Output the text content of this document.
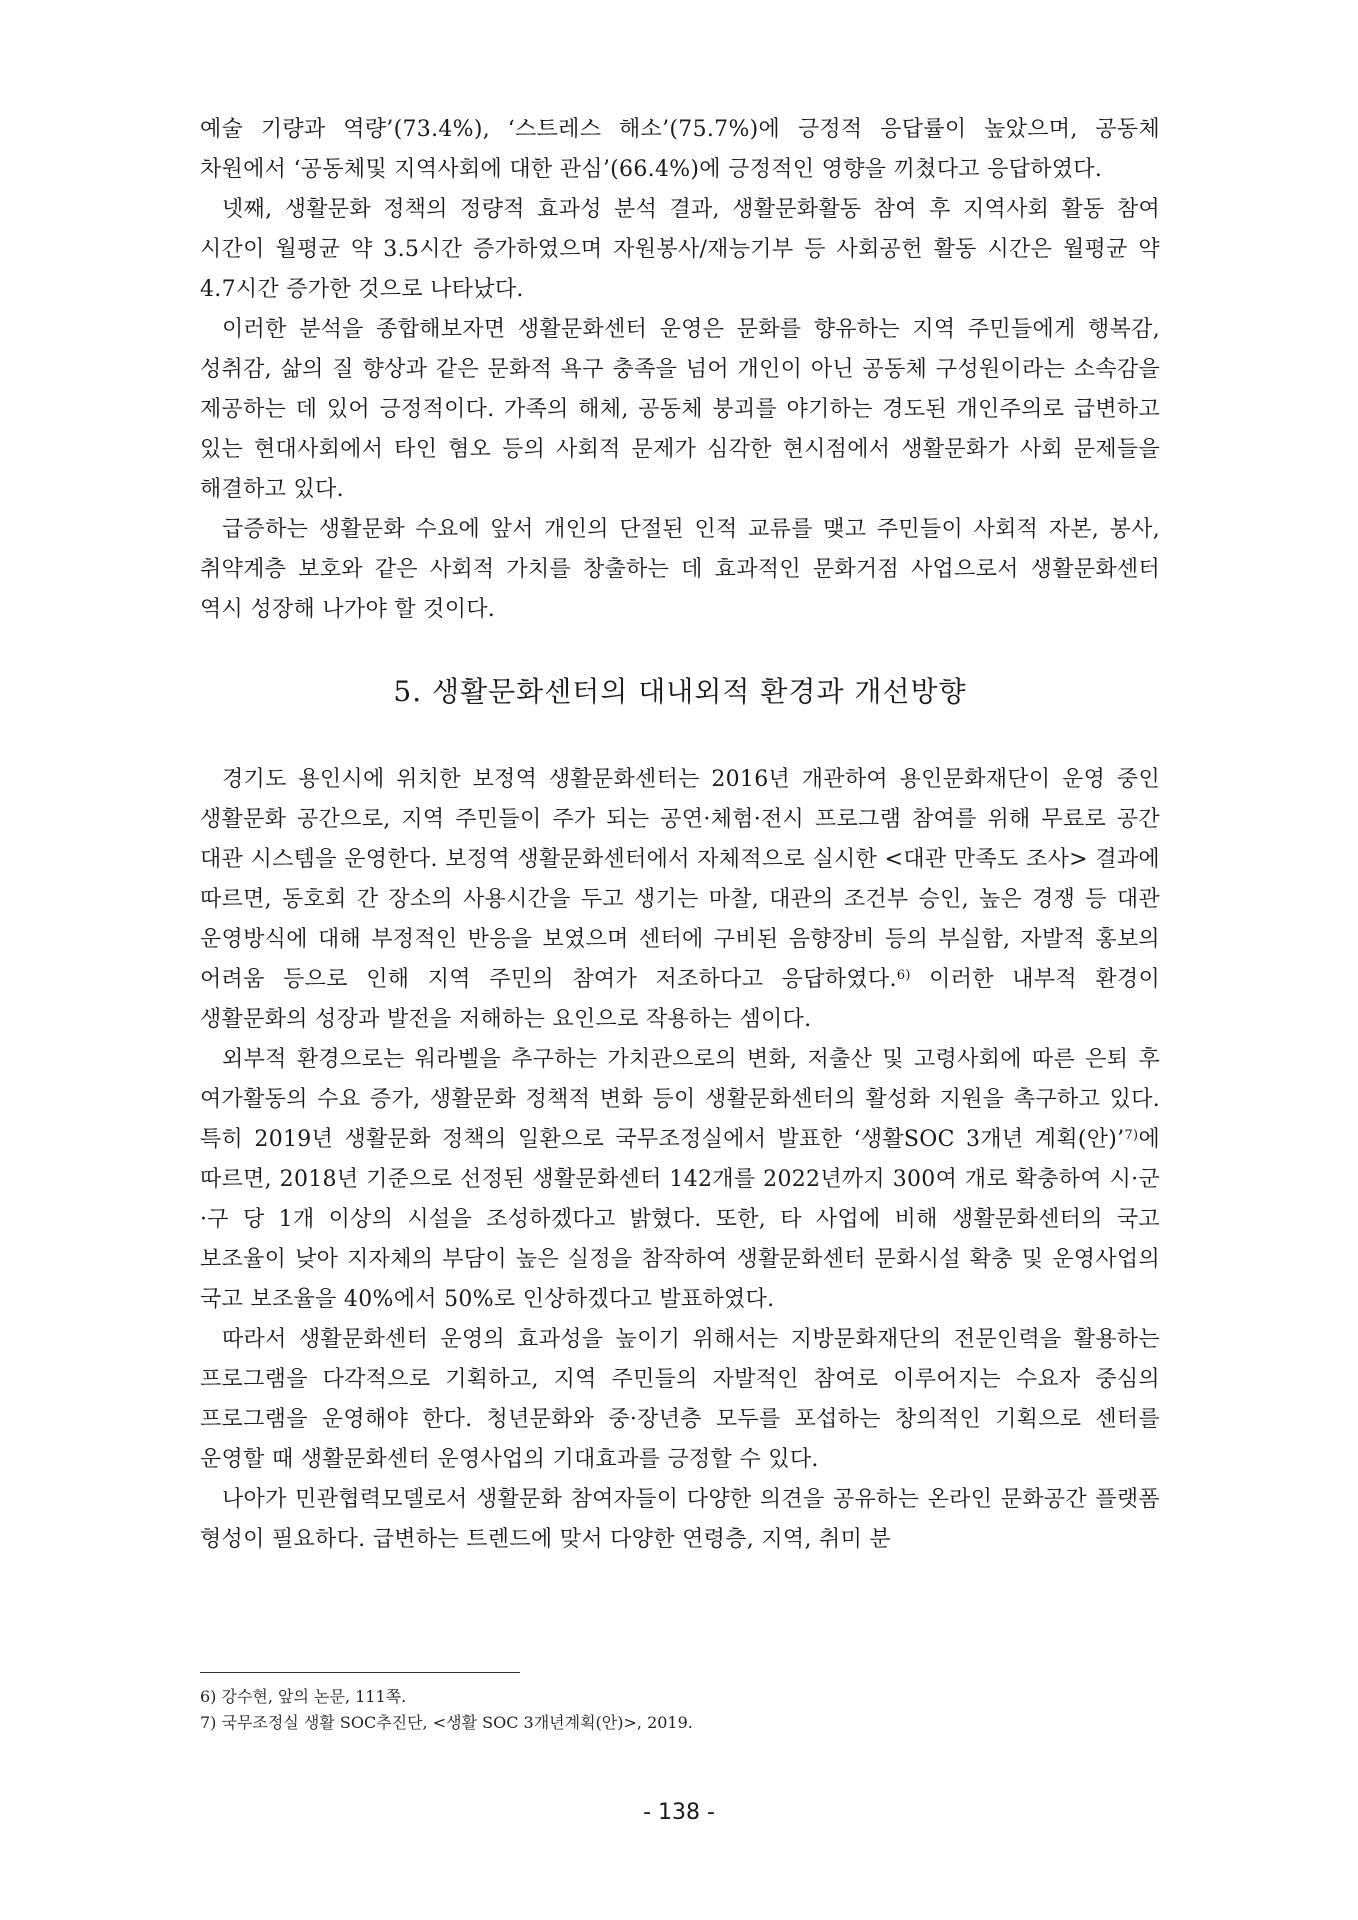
예술 기량과 역량’(73.4%), ‘스트레스 해소’(75.7%)에 긍정적 응답률이 높았으며, 공동체 차원에서 ‘공동체및 지역사회에 대한 관심’(66.4%)에 긍정적인 영향을 끼쳤다고 응답하였다.

넷째, 생활문화 정책의 정량적 효과성 분석 결과, 생활문화활동 참여 후 지역사회 활동 참여 시간이 월평균 약 3.5시간 증가하였으며 자원봉사/재능기부 등 사회공헌 활동 시간은 월평균 약 4.7시간 증가한 것으로 나타났다.

이러한 분석을 종합해보자면 생활문화센터 운영은 문화를 향유하는 지역 주민들에게 행복감, 성취감, 삶의 질 향상과 같은 문화적 욕구 충족을 넘어 개인이 아닌 공동체 구성원이라는 소속감을 제공하는 데 있어 긍정적이다. 가족의 해체, 공동체 붕괴를 야기하는 경도된 개인주의로 급변하고 있는 현대사회에서 타인 혐오 등의 사회적 문제가 심각한 현시점에서 생활문화가 사회 문제들을 해결하고 있다.

급증하는 생활문화 수요에 앞서 개인의 단절된 인적 교류를 맺고 주민들이 사회적 자본, 봉사, 취약계층 보호와 같은 사회적 가치를 창출하는 데 효과적인 문화거점 사업으로서 생활문화센터 역시 성장해 나가야 할 것이다.

5. 생활문화센터의 대내외적 환경과 개선방향

경기도 용인시에 위치한 보정역 생활문화센터는 2016년 개관하여 용인문화재단이 운영 중인 생활문화 공간으로, 지역 주민들이 주가 되는 공연·체험·전시 프로그램 참여를 위해 무료로 공간 대관 시스템을 운영한다. 보정역 생활문화센터에서 자체적으로 실시한 <대관 만족도 조사> 결과에 따르면, 동호회 간 장소의 사용시간을 두고 생기는 마찰, 대관의 조건부 승인, 높은 경쟁 등 대관 운영방식에 대해 부정적인 반응을 보였으며 센터에 구비된 음향장비 등의 부실함, 자발적 홍보의 어려움 등으로 인해 지역 주민의 참여가 저조하다고 응답하였다.$^{6)}$ 이러한 내부적 환경이 생활문화의 성장과 발전을 저해하는 요인으로 작용하는 셈이다.

외부적 환경으로는 워라벨을 추구하는 가치관으로의 변화, 저출산 및 고령사회에 따른 은퇴 후 여가활동의 수요 증가, 생활문화 정책적 변화 등이 생활문화센터의 활성화 지원을 촉구하고 있다. 특히 2019년 생활문화 정책의 일환으로 국무조정실에서 발표한 ‘생활SOC 3개년 계획(안)’$^{7)}$에 따르면, 2018년 기준으로 선정된 생활문화센터 142개를 2022년까지 300여 개로 확충하여 시·군·구 당 1개 이상의 시설을 조성하겠다고 밝혔다. 또한, 타 사업에 비해 생활문화센터의 국고 보조율이 낮아 지자체의 부담이 높은 실정을 참작하여 생활문화센터 문화시설 확충 및 운영사업의 국고 보조율을 40%에서 50%로 인상하겠다고 발표하였다.

따라서 생활문화센터 운영의 효과성을 높이기 위해서는 지방문화재단의 전문인력을 활용하는 프로그램을 다각적으로 기획하고, 지역 주민들의 자발적인 참여로 이루어지는 수요자 중심의 프로그램을 운영해야 한다. 청년문화와 중·장년층 모두를 포섭하는 창의적인 기획으로 센터를 운영할 때 생활문화센터 운영사업의 기대효과를 긍정할 수 있다.

나아가 민관협력모델로서 생활문화 참여자들이 다양한 의견을 공유하는 온라인 문화공간 플랫폼 형성이 필요하다. 급변하는 트렌드에 맞서 다양한 연령층, 지역, 취미 분

6) 강수현, 앞의 논문, 111쪽.

7) 국무조정실 생활 SOC추진단, <생활 SOC 3개년계획(안)>, 2019.

- 138 -
